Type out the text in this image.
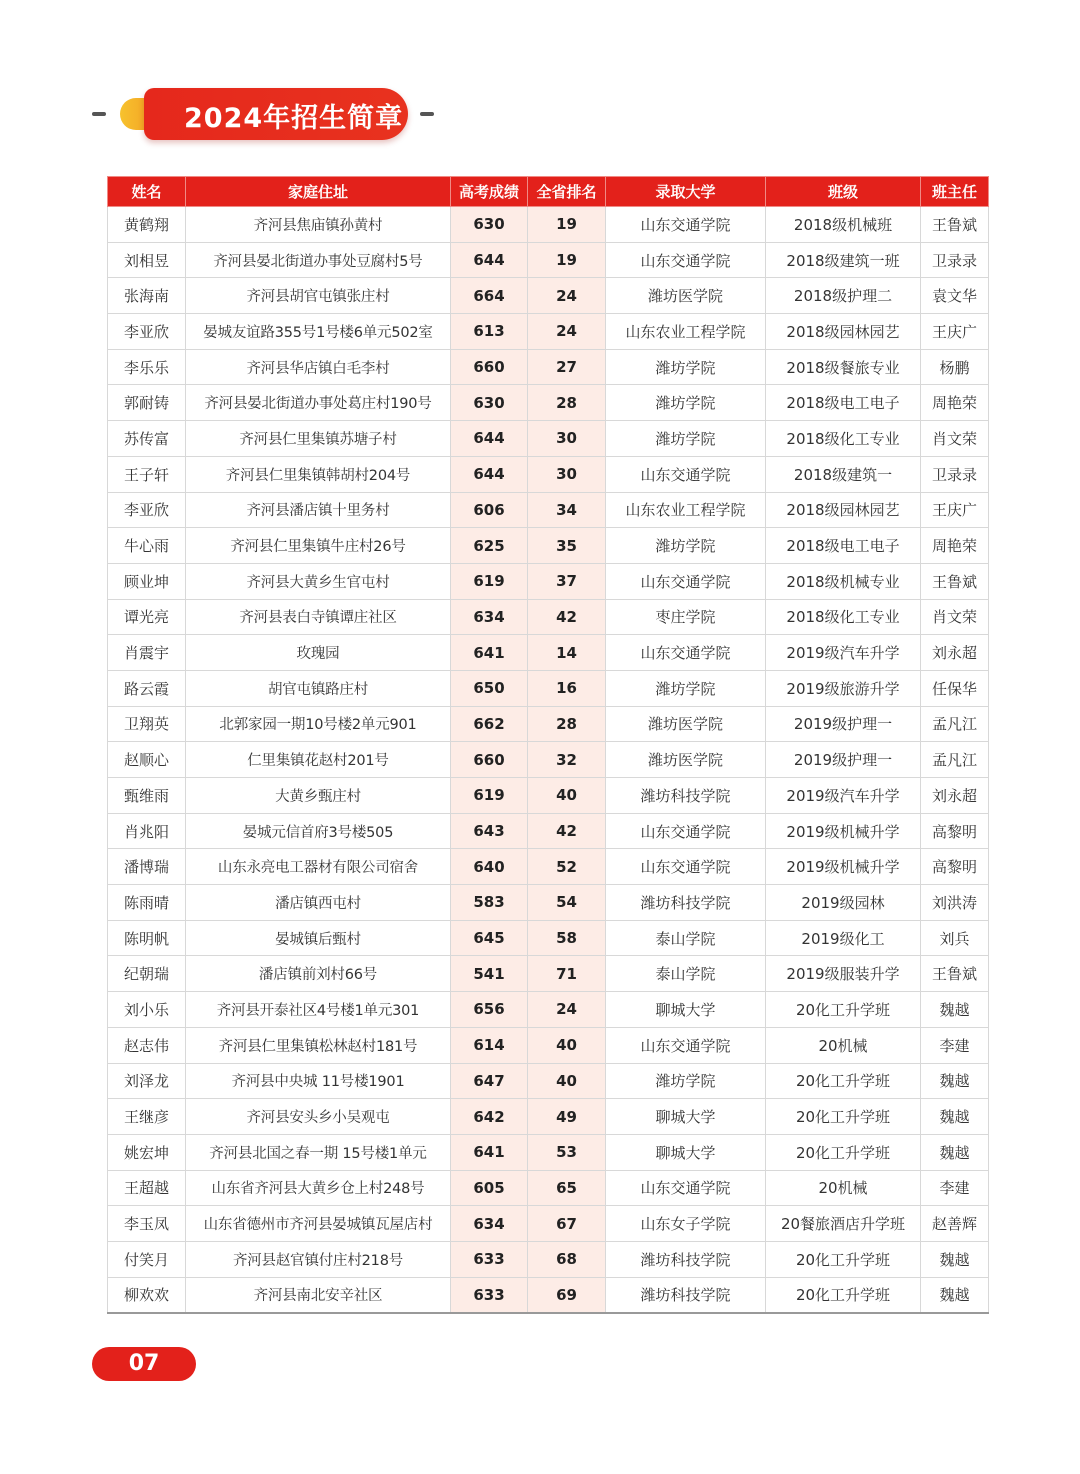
2024年招生简章
姓名	家庭住址	高考成绩	全省排名	录取大学	班级	班主任
黄鹤翔	齐河县焦庙镇孙黄村	630	19	山东交通学院	2018级机械班	王鲁斌
刘相昱	齐河县晏北街道办事处豆腐村5号	644	19	山东交通学院	2018级建筑一班	卫录录
张海南	齐河县胡官屯镇张庄村	664	24	潍坊医学院	2018级护理二	袁文华
李亚欣	晏城友谊路355号1号楼6单元502室	613	24	山东农业工程学院	2018级园林园艺	王庆广
李乐乐	齐河县华店镇白毛李村	660	27	潍坊学院	2018级餐旅专业	杨鹏
郭耐铸	齐河县晏北街道办事处葛庄村190号	630	28	潍坊学院	2018级电工电子	周艳荣
苏传富	齐河县仁里集镇苏塘子村	644	30	潍坊学院	2018级化工专业	肖文荣
王子轩	齐河县仁里集镇韩胡村204号	644	30	山东交通学院	2018级建筑一	卫录录
李亚欣	齐河县潘店镇十里务村	606	34	山东农业工程学院	2018级园林园艺	王庆广
牛心雨	齐河县仁里集镇牛庄村26号	625	35	潍坊学院	2018级电工电子	周艳荣
顾业坤	齐河县大黄乡生官屯村	619	37	山东交通学院	2018级机械专业	王鲁斌
谭光亮	齐河县表白寺镇谭庄社区	634	42	枣庄学院	2018级化工专业	肖文荣
肖震宇	玫瑰园	641	14	山东交通学院	2019级汽车升学	刘永超
路云霞	胡官屯镇路庄村	650	16	潍坊学院	2019级旅游升学	任保华
卫翔英	北郭家园一期10号楼2单元901	662	28	潍坊医学院	2019级护理一	孟凡江
赵顺心	仁里集镇花赵村201号	660	32	潍坊医学院	2019级护理一	孟凡江
甄维雨	大黄乡甄庄村	619	40	潍坊科技学院	2019级汽车升学	刘永超
肖兆阳	晏城元信首府3号楼505	643	42	山东交通学院	2019级机械升学	高黎明
潘博瑞	山东永亮电工器材有限公司宿舍	640	52	山东交通学院	2019级机械升学	高黎明
陈雨晴	潘店镇西屯村	583	54	潍坊科技学院	2019级园林	刘洪涛
陈明帆	晏城镇后甄村	645	58	泰山学院	2019级化工	刘兵
纪朝瑞	潘店镇前刘村66号	541	71	泰山学院	2019级服装升学	王鲁斌
刘小乐	齐河县开泰社区4号楼1单元301	656	24	聊城大学	20化工升学班	魏越
赵志伟	齐河县仁里集镇松林赵村181号	614	40	山东交通学院	20机械	李建
刘泽龙	齐河县中央城 11号楼1901	647	40	潍坊学院	20化工升学班	魏越
王继彦	齐河县安头乡小吴观屯	642	49	聊城大学	20化工升学班	魏越
姚宏坤	齐河县北国之春一期 15号楼1单元	641	53	聊城大学	20化工升学班	魏越
王超越	山东省齐河县大黄乡仓上村248号	605	65	山东交通学院	20机械	李建
李玉凤	山东省德州市齐河县晏城镇瓦屋店村	634	67	山东女子学院	20餐旅酒店升学班	赵善辉
付笑月	齐河县赵官镇付庄村218号	633	68	潍坊科技学院	20化工升学班	魏越
柳欢欢	齐河县南北安辛社区	633	69	潍坊科技学院	20化工升学班	魏越
07
